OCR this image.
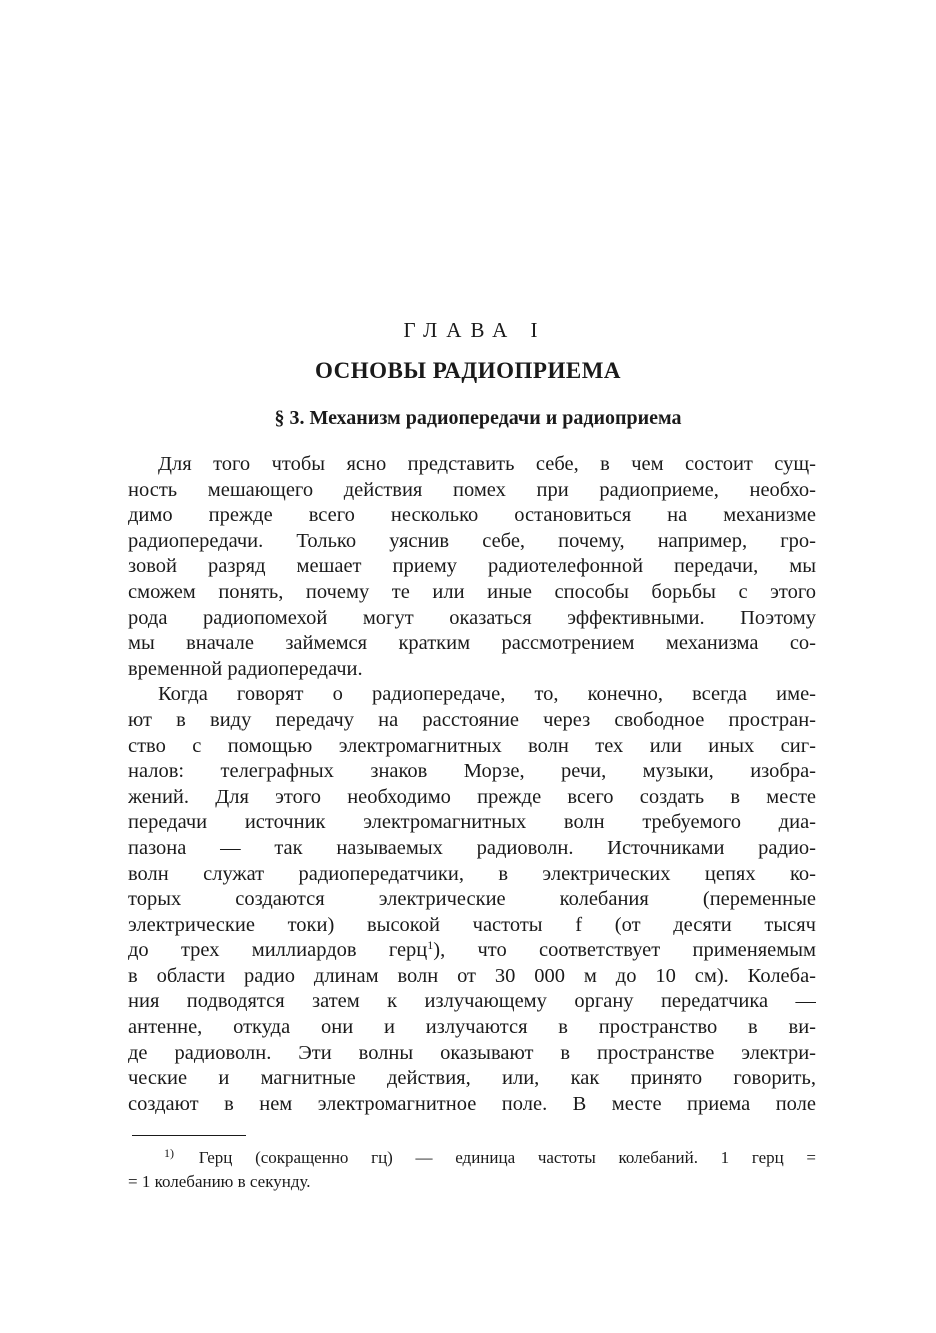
ГЛАВА I
ОСНОВЫ РАДИОПРИЕМА
§ 3. Механизм радиопередачи и радиоприема
Для того чтобы ясно представить себе, в чем состоит сущ-
ность мешающего действия помех при радиоприеме, необхо-
димо прежде всего несколько остановиться на механизме
радиопередачи. Только уяснив себе, почему, например, гро-
зовой разряд мешает приему радиотелефонной передачи, мы
сможем понять, почему те или иные способы борьбы с этого
рода радиопомехой могут оказаться эффективными. Поэтому
мы вначале займемся кратким рассмотрением механизма со-
временной радиопередачи.
Когда говорят о радиопередаче, то, конечно, всегда име-
ют в виду передачу на расстояние через свободное простран-
ство с помощью электромагнитных волн тех или иных сиг-
налов: телеграфных знаков Морзе, речи, музыки, изобра-
жений. Для этого необходимо прежде всего создать в месте
передачи источник электромагнитных волн требуемого диа-
пазона — так называемых радиоволн. Источниками радио-
волн служат радиопередатчики, в электрических цепях ко-
торых создаются электрические колебания (переменные
электрические токи) высокой частоты f (от десяти тысяч
до трех миллиардов герц$^1$), что соответствует применяемым
в области радио длинам волн от 30 000 м до 10 см). Колеба-
ния подводятся затем к излучающему органу передатчика —
антенне, откуда они и излучаются в пространство в ви-
де радиоволн. Эти волны оказывают в пространстве электри-
ческие и магнитные действия, или, как принято говорить,
создают в нем электромагнитное поле. В месте приема поле
$^{1)}$ Герц (сокращенно гц) — единица частоты колебаний. 1 герц =
= 1 колебанию в секунду.
